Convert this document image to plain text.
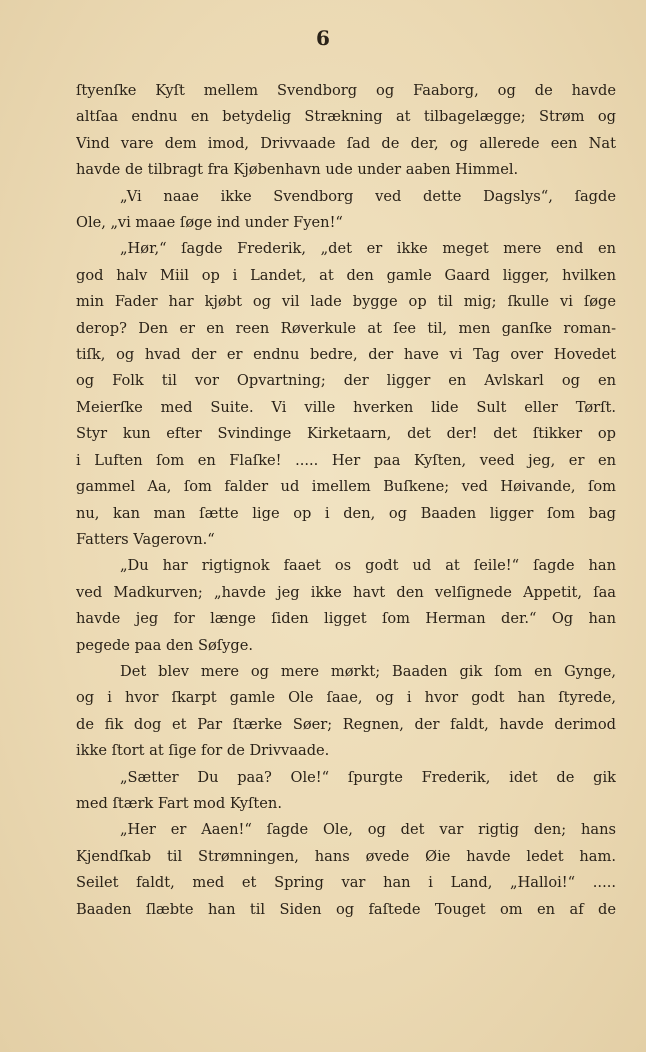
6
ſtyenſke Kyſt mellem Svendborg og Faaborg, og de havde
altſaa endnu en betydelig Strækning at tilbagelægge; Strøm og
Vind vare dem imod, Drivvaade ſad de der, og allerede een Nat
havde de tilbragt fra Kjøbenhavn ude under aaben Himmel.
„Vi naae ikke Svendborg ved dette Dagslys“, ſagde
Ole, „vi maae ſøge ind under Fyen!“
„Hør,“ ſagde Frederik, „det er ikke meget mere end en
god halv Miil op i Landet, at den gamle Gaard ligger, hvilken
min Fader har kjøbt og vil lade bygge op til mig; ſkulle vi ſøge
derop? Den er en reen Røverkule at ſee til, men ganſke roman-
tiſk, og hvad der er endnu bedre, der have vi Tag over Hovedet
og Folk til vor Opvartning; der ligger en Avlskarl og en
Meierſke med Suite. Vi ville hverken lide Sult eller Tørſt.
Styr kun efter Svindinge Kirketaarn, det der! det ſtikker op
i Luften ſom en Flaſke! ..... Her paa Kyſten, veed jeg, er en
gammel Aa, ſom falder ud imellem Buſkene; ved Høivande, ſom
nu, kan man ſætte lige op i den, og Baaden ligger ſom bag
Fatters Vagerovn.“
„Du har rigtignok faaet os godt ud at ſeile!“ ſagde han
ved Madkurven; „havde jeg ikke havt den velſignede Appetit, ſaa
havde jeg for længe ſiden ligget ſom Herman der.“ Og han
pegede paa den Søſyge.
Det blev mere og mere mørkt; Baaden gik ſom en Gynge,
og i hvor ſkarpt gamle Ole ſaae, og i hvor godt han ſtyrede,
de fik dog et Par ſtærke Søer; Regnen, der faldt, havde derimod
ikke ſtort at ſige for de Drivvaade.
„Sætter Du paa? Ole!“ ſpurgte Frederik, idet de gik
med ſtærk Fart mod Kyſten.
„Her er Aaen!“ ſagde Ole, og det var rigtig den; hans
Kjendſkab til Strømningen, hans øvede Øie havde ledet ham.
Seilet faldt, med et Spring var han i Land, „Halloi!“ .....
Baaden ſlæbte han til Siden og faſtede Touget om en af de
